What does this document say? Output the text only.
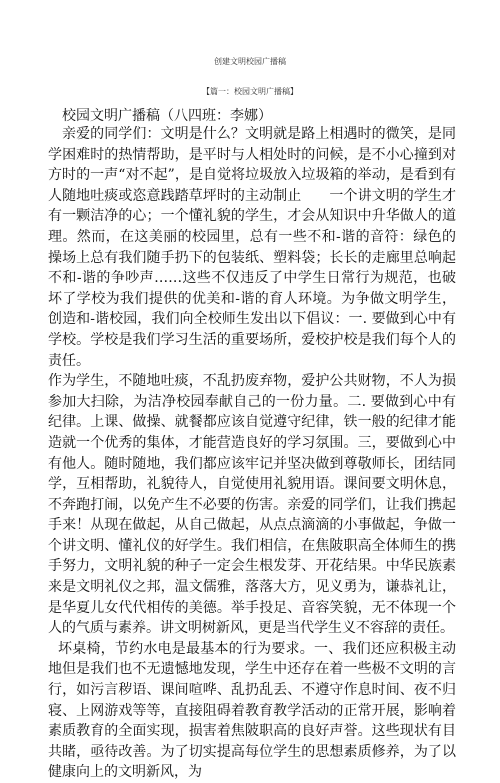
创建文明校园广播稿
【篇一：校园文明广播稿】
校园文明广播稿（八四班：李娜）

亲爱的同学们：文明是什么？文明就是路上相遇时的微笑，是同学困难时的热情帮助，是平时与人相处时的问候，是不小心撞到对方时的一声“对不起”，是自觉将垃圾放入垃圾箱的举动，是看到有人随地吐痰或恣意践踏草坪时的主动制止　　一个讲文明的学生才有一颗洁净的心；一个懂礼貌的学生，才会从知识中升华做人的道理。然而，在这美丽的校园里，总有一些不和-谐的音符：绿色的操场上总有我们随手扔下的包装纸、塑料袋；长长的走廊里总响起不和-谐的争吵声……这些不仅违反了中学生日常行为规范，也破坏了学校为我们提供的优美和-谐的育人环境。为争做文明学生，创造和-谐校园，我们向全校师生发出以下倡议：一. 要做到心中有学校。学校是我们学习生活的重要场所，爱校护校是我们每个人的责任。

作为学生，不随地吐痰，不乱扔废弃物，爱护公共财物，不人为损参加大扫除，为洁净校园奉献自己的一份力量。二. 要做到心中有纪律。上课、做操、就餐都应该自觉遵守纪律，铁一般的纪律才能造就一个优秀的集体，才能营造良好的学习氛围。三，要做到心中有他人。随时随地，我们都应该牢记并坚决做到尊敬师长，团结同学，互相帮助，礼貌待人，自觉使用礼貌用语。课间要文明休息，不奔跑打闹，以免产生不必要的伤害。亲爱的同学们，让我们携起手来！从现在做起，从自己做起，从点点滴滴的小事做起，争做一个讲文明、懂礼仪的好学生。我们相信，在焦陂职高全体师生的携手努力，文明礼貌的种子一定会生根发芽、开花结果。中华民族素来是文明礼仪之邦，温文儒雅，落落大方，见义勇为，谦恭礼让，是华夏儿女代代相传的美德。举手投足、音容笑貌，无不体现一个人的气质与素养。讲文明树新风，更是当代学生义不容辞的责任。

坏桌椅，节约水电是最基本的行为要求。一、我们还应积极主动地但是我们也不无遗憾地发现，学生中还存在着一些极不文明的言行，如污言秽语、课间喧哗、乱扔乱丢、不遵守作息时间、夜不归寝、上网游戏等等，直接阻碍着教育教学活动的正常开展，影响着素质教育的全面实现，损害着焦陂职高的良好声誉。这些现状有目共睹，亟待改善。为了切实提高每位学生的思想素质修养，为了以健康向上的文明新风，为
